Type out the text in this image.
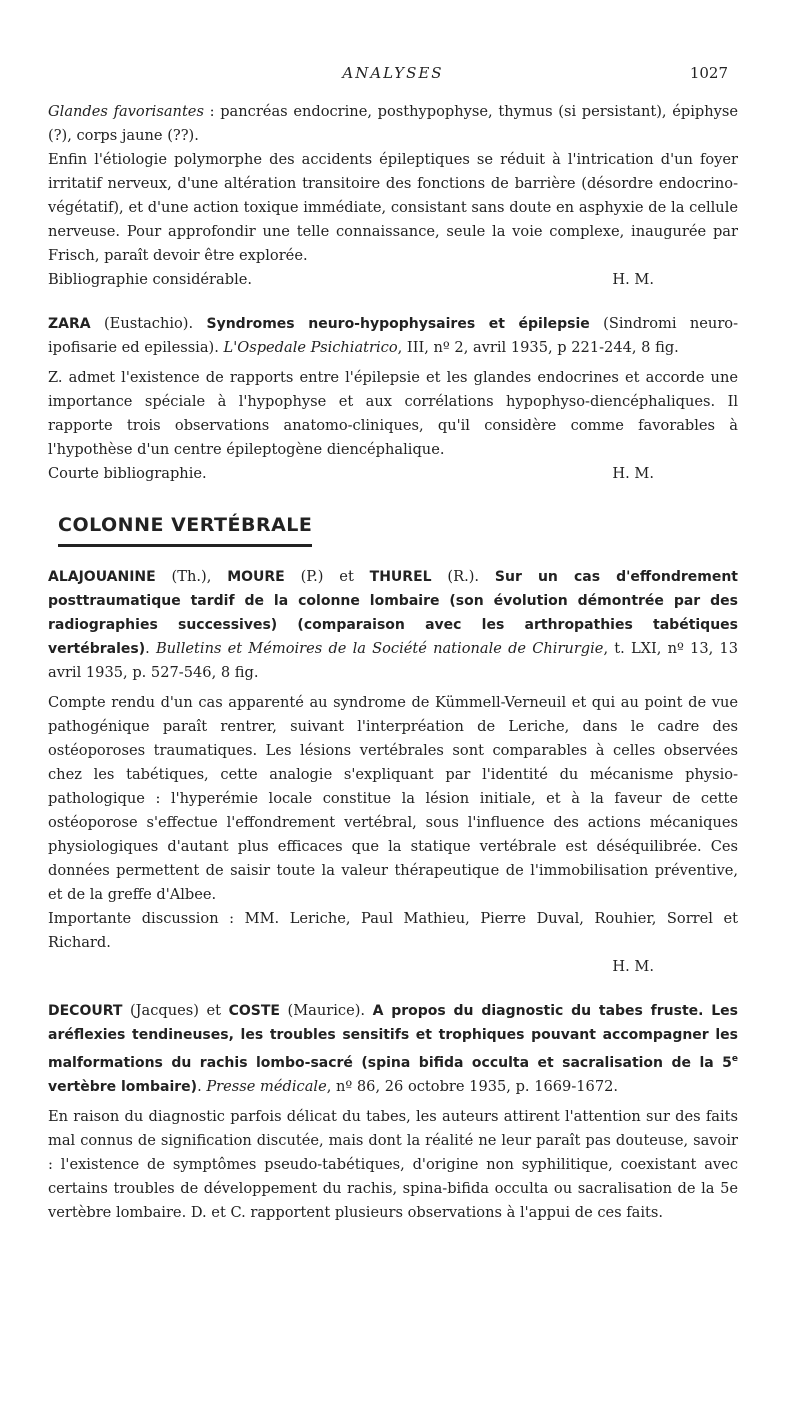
ANALYSES	1027

Glandes favorisantes : pancréas endocrine, posthypophyse, thymus (si persistant), épiphyse (?), corps jaune (??).

Enfin l'étiologie polymorphe des accidents épileptiques se réduit à l'intrication d'un foyer irritatif nerveux, d'une altération transitoire des fonctions de barrière (désordre endocrino-végétatif), et d'une action toxique immédiate, consistant sans doute en asphyxie de la cellule nerveuse. Pour approfondir une telle connaissance, seule la voie complexe, inaugurée par Frisch, paraît devoir être explorée.

Bibliographie considérable.	H. M.

ZARA (Eustachio). Syndromes neuro-hypophysaires et épilepsie (Sindromi neuro-ipofisarie ed epilessia). L'Ospedale Psichiatrico, III, nº 2, avril 1935, p 221-244, 8 fig.

Z. admet l'existence de rapports entre l'épilepsie et les glandes endocrines et accorde une importance spéciale à l'hypophyse et aux corrélations hypophyso-diencéphaliques. Il rapporte trois observations anatomo-cliniques, qu'il considère comme favorables à l'hypothèse d'un centre épileptogène diencéphalique.

Courte bibliographie.	H. M.

COLONNE VERTÉBRALE

ALAJOUANINE (Th.), MOURE (P.) et THUREL (R.). Sur un cas d'effondrement posttraumatique tardif de la colonne lombaire (son évolution démontrée par des radiographies successives) (comparaison avec les arthropathies tabétiques vertébrales). Bulletins et Mémoires de la Société nationale de Chirurgie, t. LXI, nº 13, 13 avril 1935, p. 527-546, 8 fig.

Compte rendu d'un cas apparenté au syndrome de Kümmell-Verneuil et qui au point de vue pathogénique paraît rentrer, suivant l'interpréation de Leriche, dans le cadre des ostéoporoses traumatiques. Les lésions vertébrales sont comparables à celles observées chez les tabétiques, cette analogie s'expliquant par l'identité du mécanisme physio-pathologique : l'hyperémie locale constitue la lésion initiale, et à la faveur de cette ostéoporose s'effectue l'effondrement vertébral, sous l'influence des actions mécaniques physiologiques d'autant plus efficaces que la statique vertébrale est déséquilibrée. Ces données permettent de saisir toute la valeur thérapeutique de l'immobilisation préventive, et de la greffe d'Albee.

Importante discussion : MM. Leriche, Paul Mathieu, Pierre Duval, Rouhier, Sorrel et Richard.

H. M.

DECOURT (Jacques) et COSTE (Maurice). A propos du diagnostic du tabes fruste. Les aréflexies tendineuses, les troubles sensitifs et trophiques pouvant accompagner les malformations du rachis lombo-sacré (spina bifida occulta et sacralisation de la 5e vertèbre lombaire). Presse médicale, nº 86, 26 octobre 1935, p. 1669-1672.

En raison du diagnostic parfois délicat du tabes, les auteurs attirent l'attention sur des faits mal connus de signification discutée, mais dont la réalité ne leur paraît pas douteuse, savoir : l'existence de symptômes pseudo-tabétiques, d'origine non syphilitique, coexistant avec certains troubles de développement du rachis, spina-bifida occulta ou sacralisation de la 5e vertèbre lombaire. D. et C. rapportent plusieurs observations à l'appui de ces faits.
